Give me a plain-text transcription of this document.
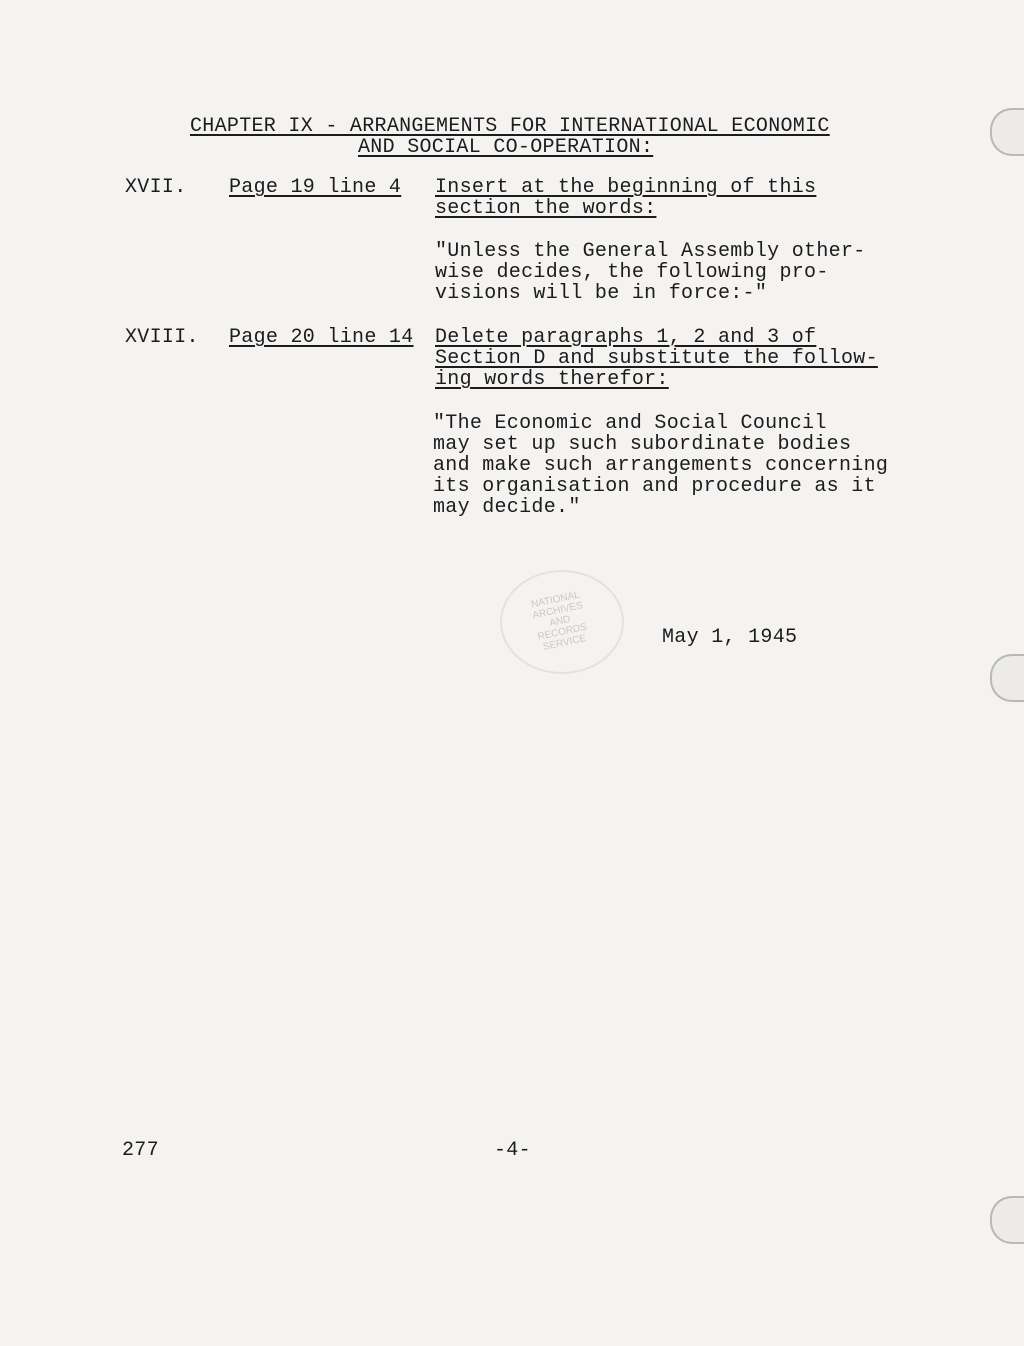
NATIONAL
ARCHIVES AND
RECORDS
SERVICE
CHAPTER IX - ARRANGEMENTS FOR INTERNATIONAL ECONOMIC
AND SOCIAL CO-OPERATION:
XVII. Page 19 line 4 Insert at the beginning of this
section the words:
"Unless the General Assembly other-
wise decides, the following pro-
visions will be in force:-"
XVIII. Page 20 line 14 Delete paragraphs 1, 2 and 3 of
Section D and substitute the follow-
ing words therefor:
"The Economic and Social Council
may set up such subordinate bodies
and make such arrangements concerning
its organisation and procedure as it
may decide."
May 1, 1945
277	-4-
